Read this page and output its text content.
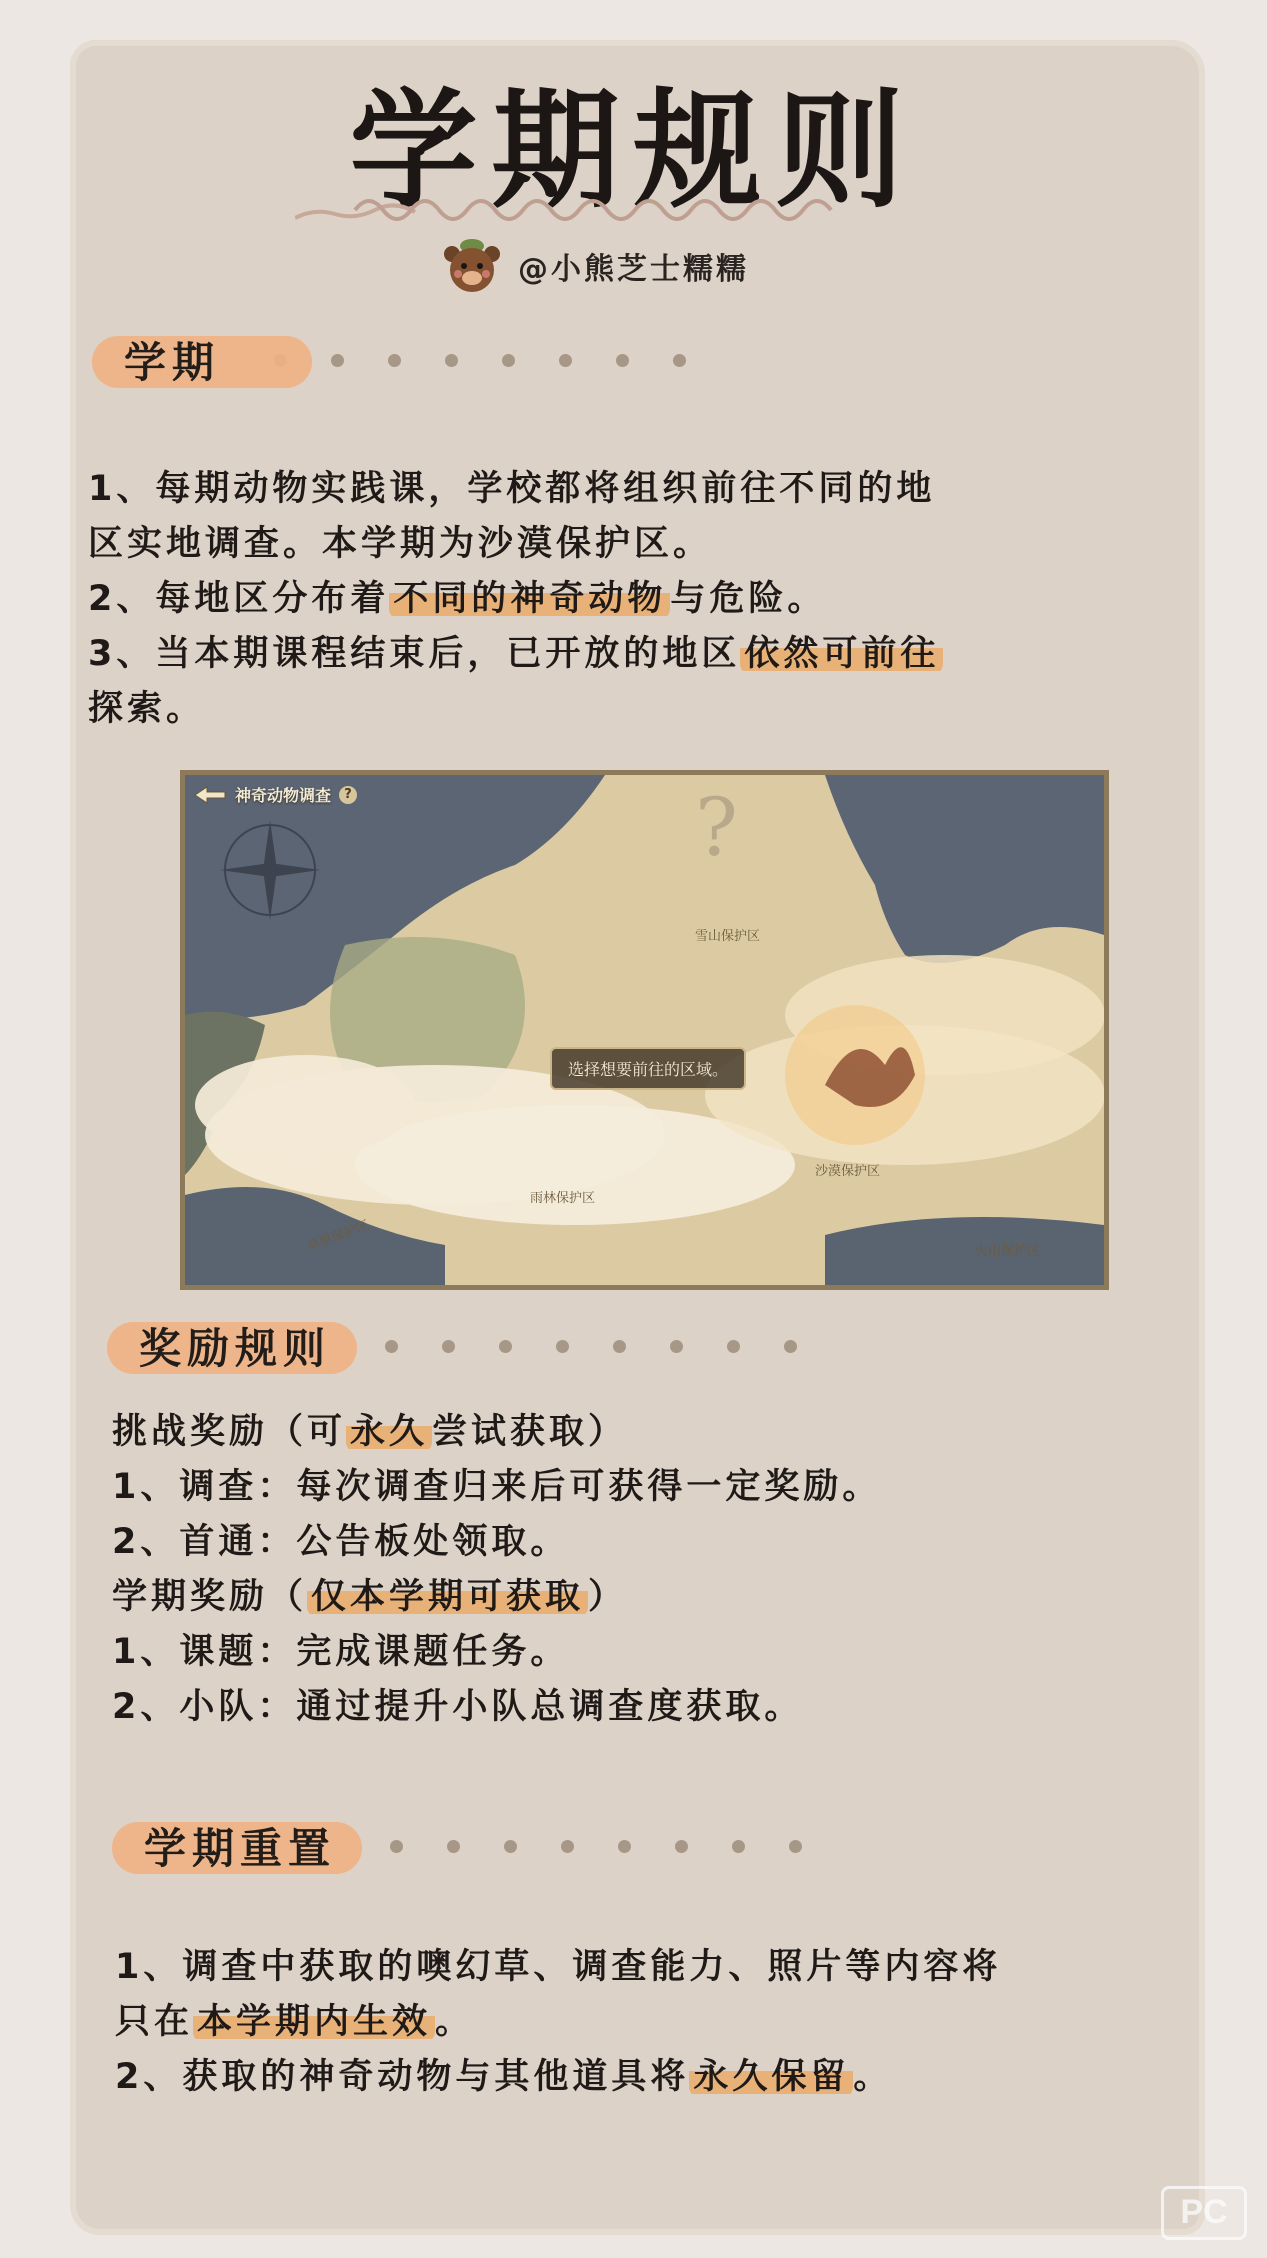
学期规则
@小熊芝士糯糯
学期
1、每期动物实践课，学校都将组织前往不同的地
区实地调查。本学期为沙漠保护区。
2、每地区分布着 不同的神奇动物 与危险。
3、当本期课程结束后，已开放的地区 依然可前往
探索。
?
神奇动物调查	?
选择想要前往的区域。
雪山保护区
沙漠保护区
雨林保护区
草原保护区	火山保护区
奖励规则
挑战奖励（可 永久 尝试获取）
1、调查：每次调查归来后可获得一定奖励。
2、首通：公告板处领取。
学期奖励（ 仅本学期可获取 ）
1、课题：完成课题任务。
2、小队：通过提升小队总调查度获取。
学期重置
1、调查中获取的噢幻草、调查能力、照片等内容将
只在 本学期内生效 。
2、获取的神奇动物与其他道具将 永久保留 。
PC
